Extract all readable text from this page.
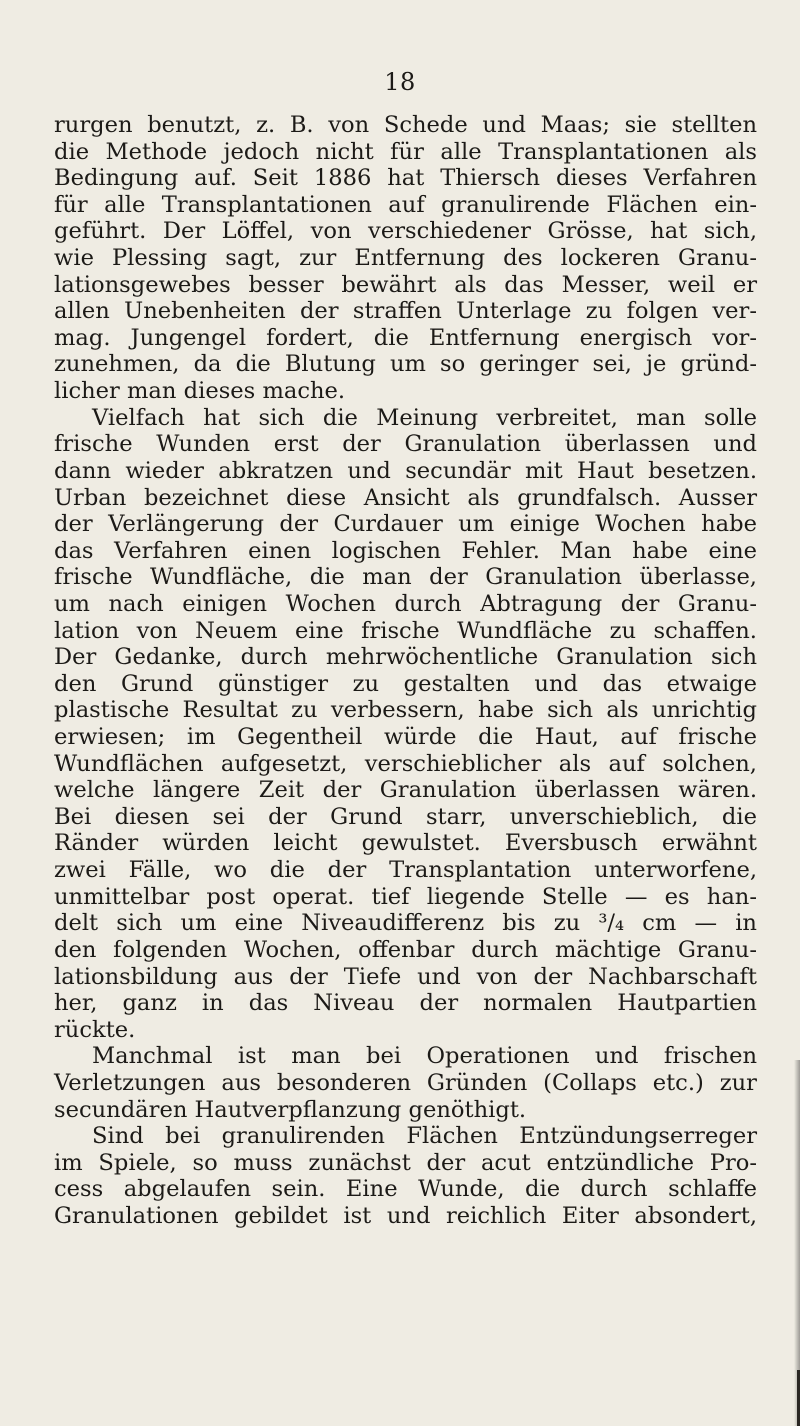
18
rurgen benutzt, z. B. von Schede und Maas; sie stellten
die Methode jedoch nicht für alle Transplantationen als
Bedingung auf. Seit 1886 hat Thiersch dieses Verfahren
für alle Transplantationen auf granulirende Flächen ein-
geführt. Der Löffel, von verschiedener Grösse, hat sich,
wie Plessing sagt, zur Entfernung des lockeren Granu-
lationsgewebes besser bewährt als das Messer, weil er
allen Unebenheiten der straffen Unterlage zu folgen ver-
mag. Jungengel fordert, die Entfernung energisch vor-
zunehmen, da die Blutung um so geringer sei, je gründ-
licher man dieses mache.
Vielfach hat sich die Meinung verbreitet, man solle
frische Wunden erst der Granulation überlassen und
dann wieder abkratzen und secundär mit Haut besetzen.
Urban bezeichnet diese Ansicht als grundfalsch. Ausser
der Verlängerung der Curdauer um einige Wochen habe
das Verfahren einen logischen Fehler. Man habe eine
frische Wundfläche, die man der Granulation überlasse,
um nach einigen Wochen durch Abtragung der Granu-
lation von Neuem eine frische Wundfläche zu schaffen.
Der Gedanke, durch mehrwöchentliche Granulation sich
den Grund günstiger zu gestalten und das etwaige
plastische Resultat zu verbessern, habe sich als unrichtig
erwiesen; im Gegentheil würde die Haut, auf frische
Wundflächen aufgesetzt, verschieblicher als auf solchen,
welche längere Zeit der Granulation überlassen wären.
Bei diesen sei der Grund starr, unverschieblich, die
Ränder würden leicht gewulstet. Eversbusch erwähnt
zwei Fälle, wo die der Transplantation unterworfene,
unmittelbar post operat. tief liegende Stelle — es han-
delt sich um eine Niveaudifferenz bis zu ³/₄ cm — in
den folgenden Wochen, offenbar durch mächtige Granu-
lationsbildung aus der Tiefe und von der Nachbarschaft
her, ganz in das Niveau der normalen Hautpartien
rückte.
Manchmal ist man bei Operationen und frischen
Verletzungen aus besonderen Gründen (Collaps etc.) zur
secundären Hautverpflanzung genöthigt.
Sind bei granulirenden Flächen Entzündungserreger
im Spiele, so muss zunächst der acut entzündliche Pro-
cess abgelaufen sein. Eine Wunde, die durch schlaffe
Granulationen gebildet ist und reichlich Eiter absondert,
